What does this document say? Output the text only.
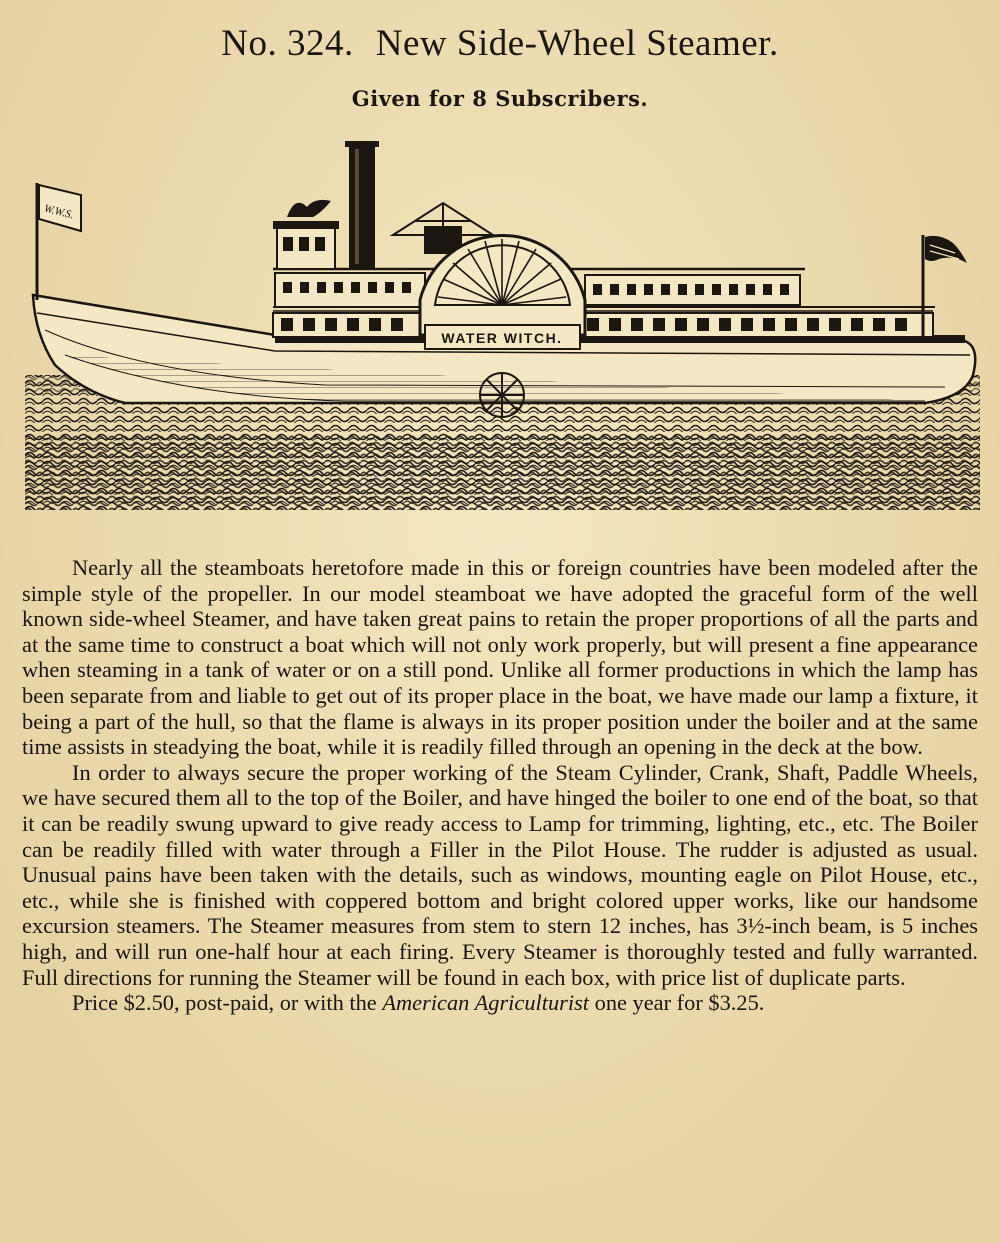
No. 324. New Side-Wheel Steamer.
Given for 8 Subscribers.
WATER WITCH.
W.W.S.

Nearly all the steamboats heretofore made in this or foreign countries have been modeled after the simple style of the propeller. In our model steamboat we have adopted the graceful form of the well known side-wheel Steamer, and have taken great pains to retain the proper proportions of all the parts and at the same time to construct a boat which will not only work properly, but will present a fine appearance when steaming in a tank of water or on a still pond. Unlike all former productions in which the lamp has been separate from and liable to get out of its proper place in the boat, we have made our lamp a fixture, it being a part of the hull, so that the flame is always in its proper position under the boiler and at the same time assists in steadying the boat, while it is readily filled through an opening in the deck at the bow.

In order to always secure the proper working of the Steam Cylinder, Crank, Shaft, Paddle Wheels, we have secured them all to the top of the Boiler, and have hinged the boiler to one end of the boat, so that it can be readily swung upward to give ready access to Lamp for trimming, lighting, etc., etc. The Boiler can be readily filled with water through a Filler in the Pilot House. The rudder is adjusted as usual. Unusual pains have been taken with the details, such as windows, mounting eagle on Pilot House, etc., etc., while she is finished with coppered bottom and bright colored upper works, like our handsome excursion steamers. The Steamer measures from stem to stern 12 inches, has 3½-inch beam, is 5 inches high, and will run one-half hour at each firing. Every Steamer is thoroughly tested and fully warranted. Full directions for running the Steamer will be found in each box, with price list of duplicate parts.

Price $2.50, post-paid, or with the American Agriculturist one year for $3.25.
